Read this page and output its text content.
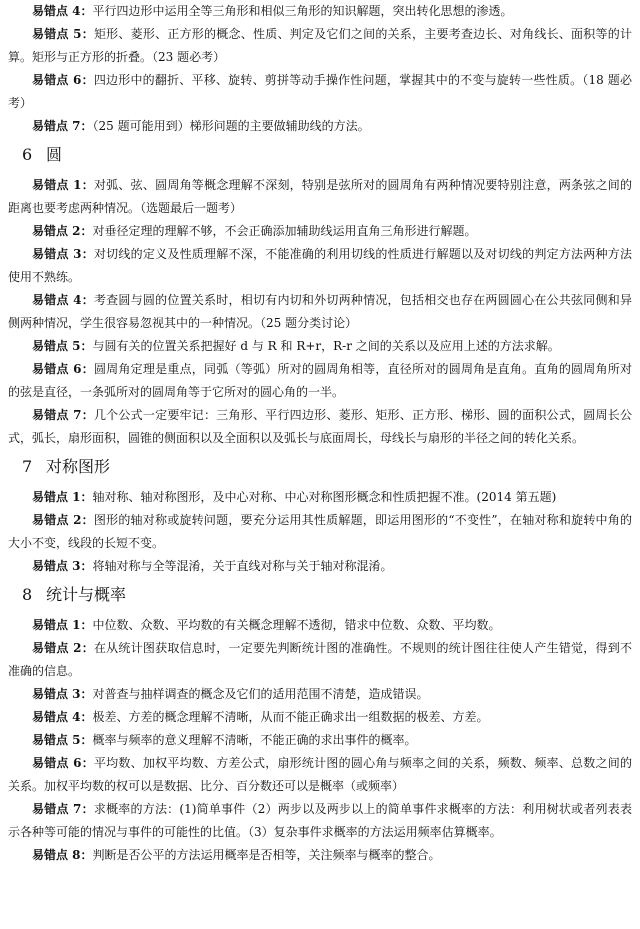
易错点 4：平行四边形中运用全等三角形和相似三角形的知识解题，突出转化思想的渗透。

易错点 5：矩形、菱形、正方形的概念、性质、判定及它们之间的关系，主要考查边长、对角线长、面积等的计算。矩形与正方形的折叠。（23 题必考）

易错点 6：四边形中的翻折、平移、旋转、剪拼等动手操作性问题，掌握其中的不变与旋转一些性质。（18 题必考）

易错点 7：（25 题可能用到）梯形问题的主要做辅助线的方法。

6 圆

易错点 1：对弧、弦、圆周角等概念理解不深刻，特别是弦所对的圆周角有两种情况要特别注意，两条弦之间的距离也要考虑两种情况。（选题最后一题考）

易错点 2：对垂径定理的理解不够，不会正确添加辅助线运用直角三角形进行解题。

易错点 3：对切线的定义及性质理解不深，不能准确的利用切线的性质进行解题以及对切线的判定方法两种方法使用不熟练。

易错点 4：考查圆与圆的位置关系时，相切有内切和外切两种情况，包括相交也存在两圆圆心在公共弦同侧和异侧两种情况，学生很容易忽视其中的一种情况。（25 题分类讨论）

易错点 5：与圆有关的位置关系把握好 d 与 R 和 R+r，R-r 之间的关系以及应用上述的方法求解。

易错点 6：圆周角定理是重点，同弧（等弧）所对的圆周角相等，直径所对的圆周角是直角。直角的圆周角所对的弦是直径，一条弧所对的圆周角等于它所对的圆心角的一半。

易错点 7：几个公式一定要牢记：三角形、平行四边形、菱形、矩形、正方形、梯形、圆的面积公式，圆周长公式，弧长，扇形面积，圆锥的侧面积以及全面积以及弧长与底面周长，母线长与扇形的半径之间的转化关系。

7 对称图形

易错点 1：轴对称、轴对称图形，及中心对称、中心对称图形概念和性质把握不准。(2014 第五题)

易错点 2：图形的轴对称或旋转问题，要充分运用其性质解题，即运用图形的“不变性”，在轴对称和旋转中角的大小不变，线段的长短不变。

易错点 3：将轴对称与全等混淆，关于直线对称与关于轴对称混淆。

8 统计与概率

易错点 1：中位数、众数、平均数的有关概念理解不透彻，错求中位数、众数、平均数。

易错点 2：在从统计图获取信息时，一定要先判断统计图的准确性。不规则的统计图往往使人产生错觉，得到不准确的信息。

易错点 3：对普查与抽样调查的概念及它们的适用范围不清楚，造成错误。

易错点 4：极差、方差的概念理解不清晰，从而不能正确求出一组数据的极差、方差。

易错点 5：概率与频率的意义理解不清晰，不能正确的求出事件的概率。

易错点 6：平均数、加权平均数、方差公式，扇形统计图的圆心角与频率之间的关系，频数、频率、总数之间的关系。加权平均数的权可以是数据、比分、百分数还可以是概率（或频率）

易错点 7：求概率的方法：(1)简单事件（2）两步以及两步以上的简单事件求概率的方法：利用树状或者列表表示各种等可能的情况与事件的可能性的比值。（3）复杂事件求概率的方法运用频率估算概率。

易错点 8：判断是否公平的方法运用概率是否相等，关注频率与概率的整合。
